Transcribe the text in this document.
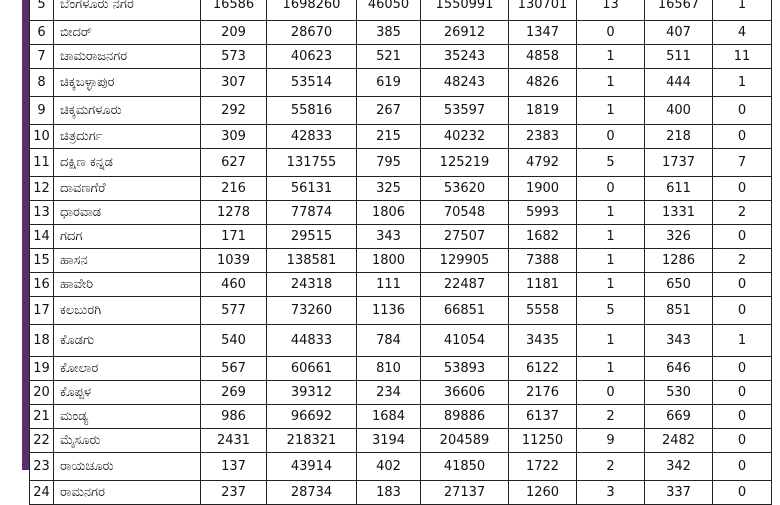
5	ಬೆಂಗಳೂರು ನಗರ	16586	1698260	46050	1550991	130701	13	16567	1
6	ಬೀದರ್	209	28670	385	26912	1347	0	407	4
7	ಚಾಮರಾಜನಗರ	573	40623	521	35243	4858	1	511	11
8	ಚಿಕ್ಕಬಳ್ಳಾಪುರ	307	53514	619	48243	4826	1	444	1
9	ಚಿಕ್ಕಮಗಳೂರು	292	55816	267	53597	1819	1	400	0
10	ಚಿತ್ರದುರ್ಗ	309	42833	215	40232	2383	0	218	0
11	ದಕ್ಷಿಣ ಕನ್ನಡ	627	131755	795	125219	4792	5	1737	7
12	ದಾವಣಗೆರೆ	216	56131	325	53620	1900	0	611	0
13	ಧಾರವಾಡ	1278	77874	1806	70548	5993	1	1331	2
14	ಗದಗ	171	29515	343	27507	1682	1	326	0
15	ಹಾಸನ	1039	138581	1800	129905	7388	1	1286	2
16	ಹಾವೇರಿ	460	24318	111	22487	1181	1	650	0
17	ಕಲಬುರಗಿ	577	73260	1136	66851	5558	5	851	0
18	ಕೊಡಗು	540	44833	784	41054	3435	1	343	1
19	ಕೋಲಾರ	567	60661	810	53893	6122	1	646	0
20	ಕೊಪ್ಪಳ	269	39312	234	36606	2176	0	530	0
21	ಮಂಡ್ಯ	986	96692	1684	89886	6137	2	669	0
22	ಮೈಸೂರು	2431	218321	3194	204589	11250	9	2482	0
23	ರಾಯಚೂರು	137	43914	402	41850	1722	2	342	0
24	ರಾಮನಗರ	237	28734	183	27137	1260	3	337	0
